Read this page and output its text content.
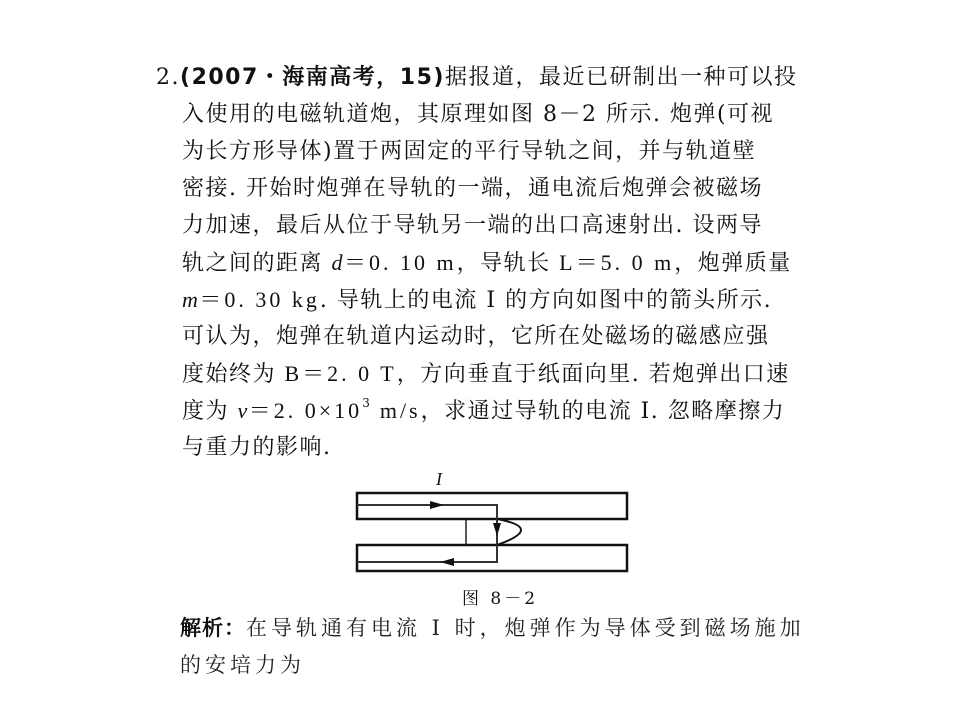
2.(2007・海南高考，15)据报道，最近已研制出一种可以投
入使用的电磁轨道炮，其原理如图 8－2 所示. 炮弹(可视
为长方形导体)置于两固定的平行导轨之间，并与轨道壁
密接. 开始时炮弹在导轨的一端，通电流后炮弹会被磁场
力加速，最后从位于导轨另一端的出口高速射出. 设两导
轨之间的距离 d＝0. 10 m，导轨长 L＝5. 0 m，炮弹质量
m＝0. 30 kg. 导轨上的电流 I 的方向如图中的箭头所示.
可认为，炮弹在轨道内运动时，它所在处磁场的磁感应强
度始终为 B＝2. 0 T，方向垂直于纸面向里. 若炮弹出口速
度为 v＝2. $0\times 10^3$ m/s，求通过导轨的电流 I. 忽略摩擦力
与重力的影响.
I
图 8－2
解析：在导轨通有电流 I 时，炮弹作为导体受到磁场施加
的安培力为
